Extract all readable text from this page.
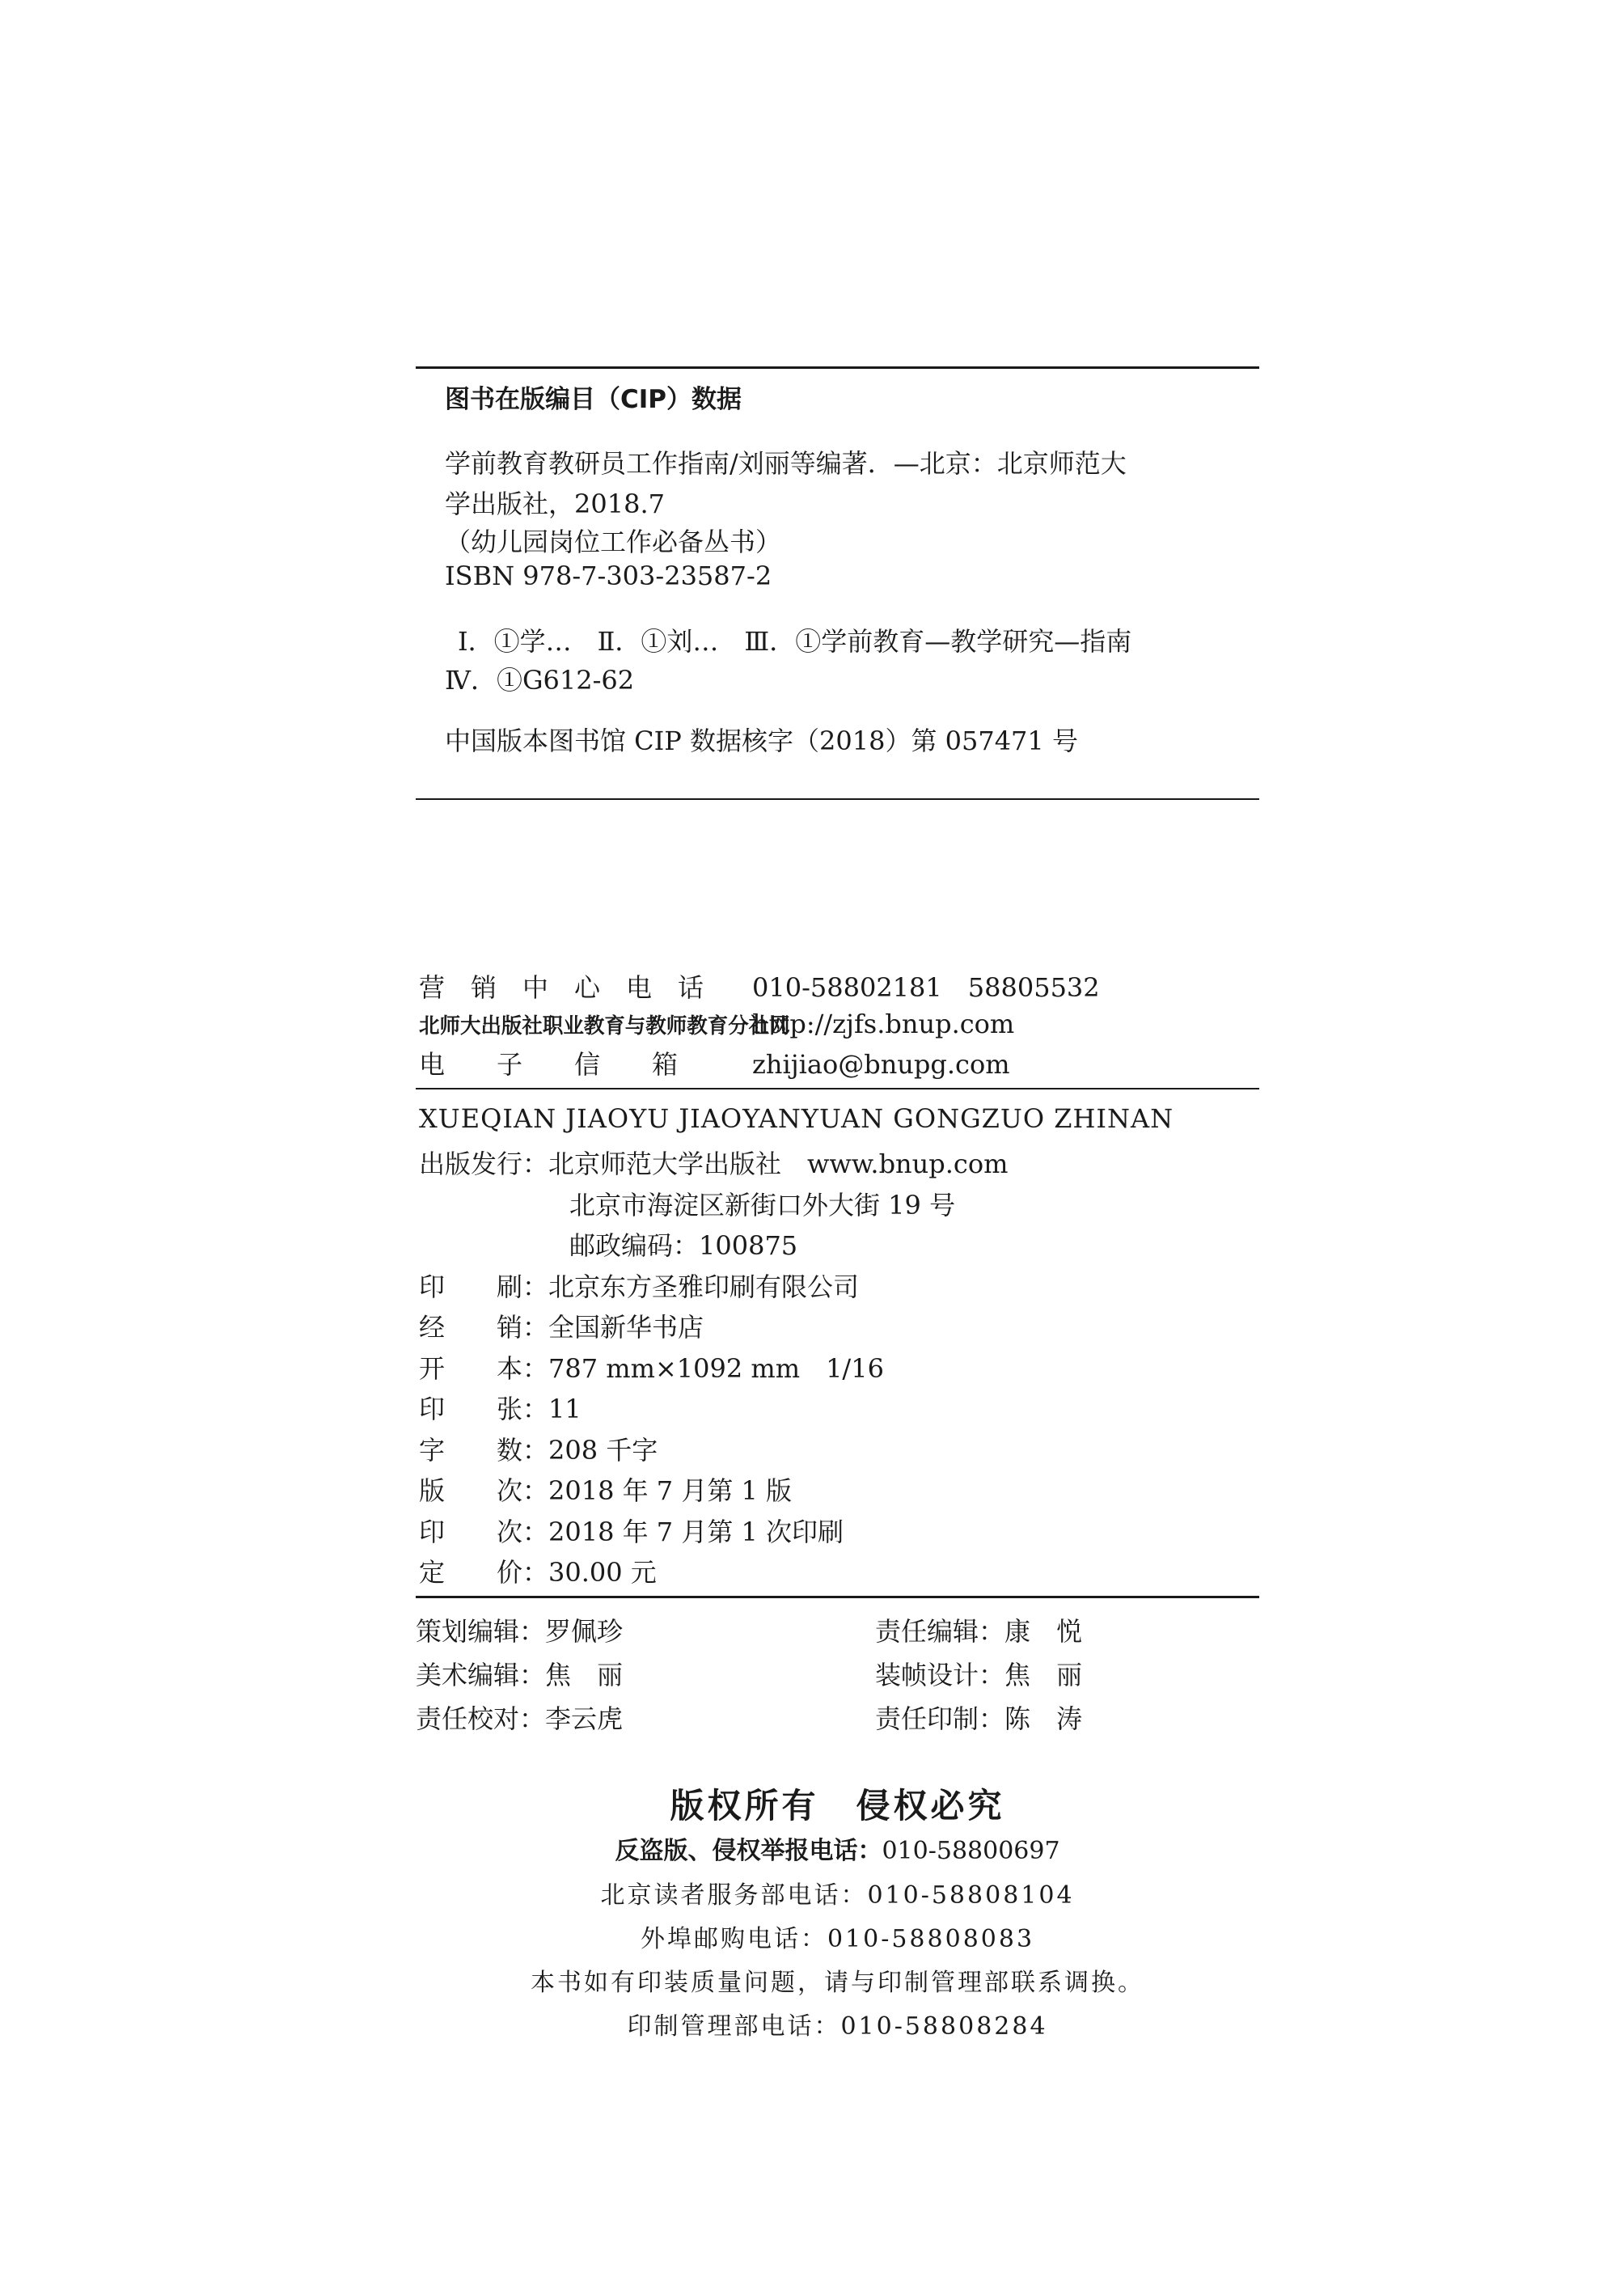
图书在版编目（CIP）数据
学前教育教研员工作指南/刘丽等编著．—北京：北京师范大
学出版社，2018.7
（幼儿园岗位工作必备丛书）
ISBN 978-7-303-23587-2
Ⅰ．①学…　Ⅱ．①刘…　Ⅲ．①学前教育—教学研究—指南
Ⅳ．①G612-62
中国版本图书馆 CIP 数据核字（2018）第 057471 号
营　销　中　心　电　话 010-58802181　58805532
北师大出版社职业教育与教师教育分社网http://zjfs.bnup.com
电　　子　　信　　箱	zhijiao@bnupg.com
XUEQIAN JIAOYU JIAOYANYUAN GONGZUO ZHINAN
出版发行：北京师范大学出版社　www.bnup.com
北京市海淀区新街口外大街 19 号
邮政编码：100875
印　　刷：北京东方圣雅印刷有限公司
经　　销：全国新华书店
开　　本：787 mm×1092 mm　1/16
印　　张：11
字　　数：208 千字
版　　次：2018 年 7 月第 1 版
印　　次：2018 年 7 月第 1 次印刷
定　　价：30.00 元
策划编辑：罗佩珍	责任编辑：康　悦
美术编辑：焦　丽	装帧设计：焦　丽
责任校对：李云虎	责任印制：陈　涛
版权所有　侵权必究
反盗版、侵权举报电话：010-58800697
北京读者服务部电话：010-58808104
外埠邮购电话：010-58808083
本书如有印装质量问题，请与印制管理部联系调换。
印制管理部电话：010-58808284
